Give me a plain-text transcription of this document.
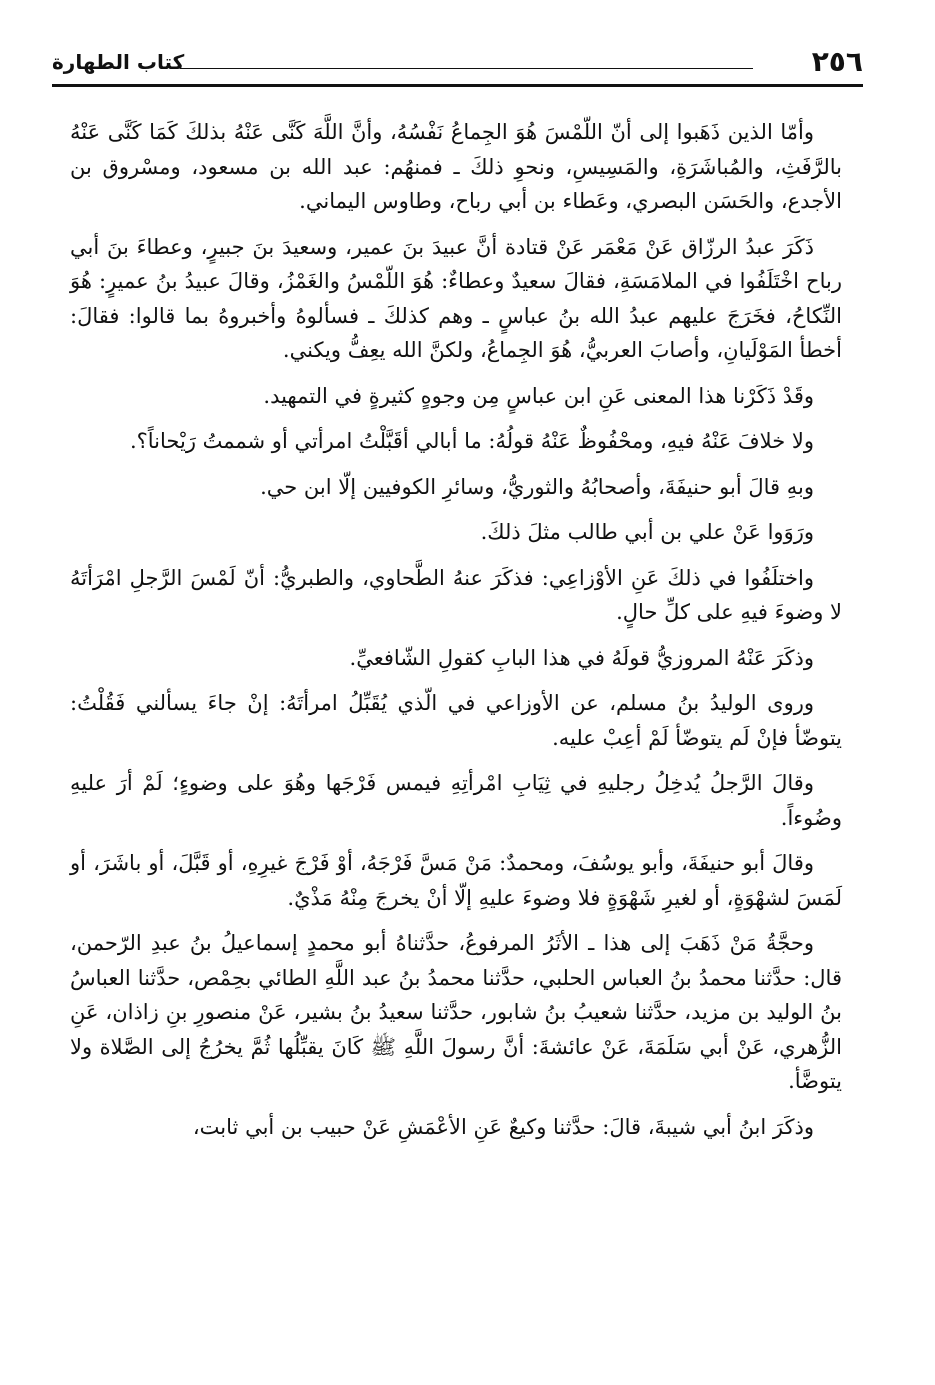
٢٥٦
كتاب الطهارة

وأمّا الذين ذَهَبوا إلى أنّ اللّمْسَ هُوَ الجِماعُ نَفْسُهُ، وأنَّ اللَّهَ كَنَّى عَنْهُ بذلكَ كَمَا كَنَّى عَنْهُ بالرَّفَثِ، والمُباشَرَةِ، والمَسِيسِ، ونحوِ ذلكَ ـ فمنهُم: عبد الله بن مسعود، ومسْروق بن الأجدع، والحَسَن البصري، وعَطاء بن أبي رباح، وطاوس اليماني.

ذَكَرَ عبدُ الرزّاق عَنْ مَعْمَر عَنْ قتادة أنَّ عبيدَ بنَ عمير، وسعيدَ بنَ جبيرٍ، وعطاءَ بنَ أبي رباح اخْتَلَفُوا في الملامَسَةِ، فقالَ سعيدٌ وعطاءٌ: هُوَ اللّمْسُ والغَمْزُ، وقالَ عبيدُ بنُ عميرٍ: هُوَ النِّكاحُ، فخَرَجَ عليهم عبدُ الله بنُ عباسٍ ـ وهم كذلكَ ـ فسألوهُ وأخبروهُ بما قالوا: فقالَ: أخطأ المَوْلَيانِ، وأصابَ العربيُّ، هُوَ الجِماعُ، ولكنَّ الله يعِفُّ ويكني.

وقَدْ ذَكَرْنا هذا المعنى عَنِ ابن عباسٍ مِن وجوهٍ كثيرةٍ في التمهيد.

ولا خلافَ عَنْهُ فيهِ، ومحْفُوظٌ عَنْهُ قولُهُ: ما أبالي أقَبَّلْتُ امرأتي أو شممتُ رَيْحاناً؟.

وبهِ قالَ أبو حنيفَةَ، وأصحابُهُ والثوريُّ، وسائرِ الكوفيين إلّا ابن حي.

ورَوَوا عَنْ علي بن أبي طالب مثلَ ذلكَ.

واختلَفُوا في ذلكَ عَنِ الأوْزاعِي: فذكَرَ عنهُ الطَّحاوي، والطبريُّ: أنّ لَمْسَ الرَّجلِ امْرَأتَهُ لا وضوءَ فيهِ على كلِّ حالٍ.

وذكَرَ عَنْهُ المروزيُّ قولَهُ في هذا البابِ كقولِ الشّافعيِّ.

وروى الوليدُ بنُ مسلم، عن الأوزاعي في الّذي يُقَبِّلُ امرأتَهُ: إنْ جاءَ يسألني فَقُلْتُ: يتوضّأ فإنْ لَم يتوضّأ لَمْ أعِبْ عليه.

وقالَ الرَّجلُ يُدخِلُ رجليهِ في ثِيَابِ امْرأتِهِ فيمس فَرْجَها وهُوَ على وضوءٍ؛ لَمْ أرَ عليهِ وضُوءاً.

وقالَ أبو حنيفَةَ، وأبو يوسُفَ، ومحمدٌ: مَنْ مَسَّ فَرْجَهُ، أوْ فَرْجَ غيرِهِ، أو قَبَّلَ، أو باشَرَ، أو لَمَسَ لشهْوَةٍ، أو لغيرِ شَهْوَةٍ فلا وضوءَ عليهِ إلّا أنْ يخرجَ مِنْهُ مَذْيٌ.

وحجَّةُ مَنْ ذَهَبَ إلى هذا ـ الأثَرُ المرفوعُ، حدَّثناهُ أبو محمدٍ إسماعيلُ بنُ عبدِ الرّحمن، قال: حدَّثنا محمدُ بنُ العباس الحلبي، حدَّثنا محمدُ بنُ عبد اللَّهِ الطائي بحِمْص، حدَّثنا العباسُ بنُ الوليد بن مزيد، حدَّثنا شعيبُ بنُ شابور، حدَّثنا سعيدُ بنُ بشير، عَنْ منصورِ بنِ زاذان، عَنِ الزُّهري، عَنْ أبي سَلَمَةَ، عَنْ عائشةَ: أنَّ رسولَ اللَّهِ ﷺ كَانَ يقبِّلُها ثُمَّ يخرُجُ إلى الصَّلاة ولا يتوضَّأ.

وذكَرَ ابنُ أبي شيبةَ، قالَ: حدَّثنا وكيعٌ عَنِ الأعْمَشِ عَنْ حبيب بن أبي ثابت،
